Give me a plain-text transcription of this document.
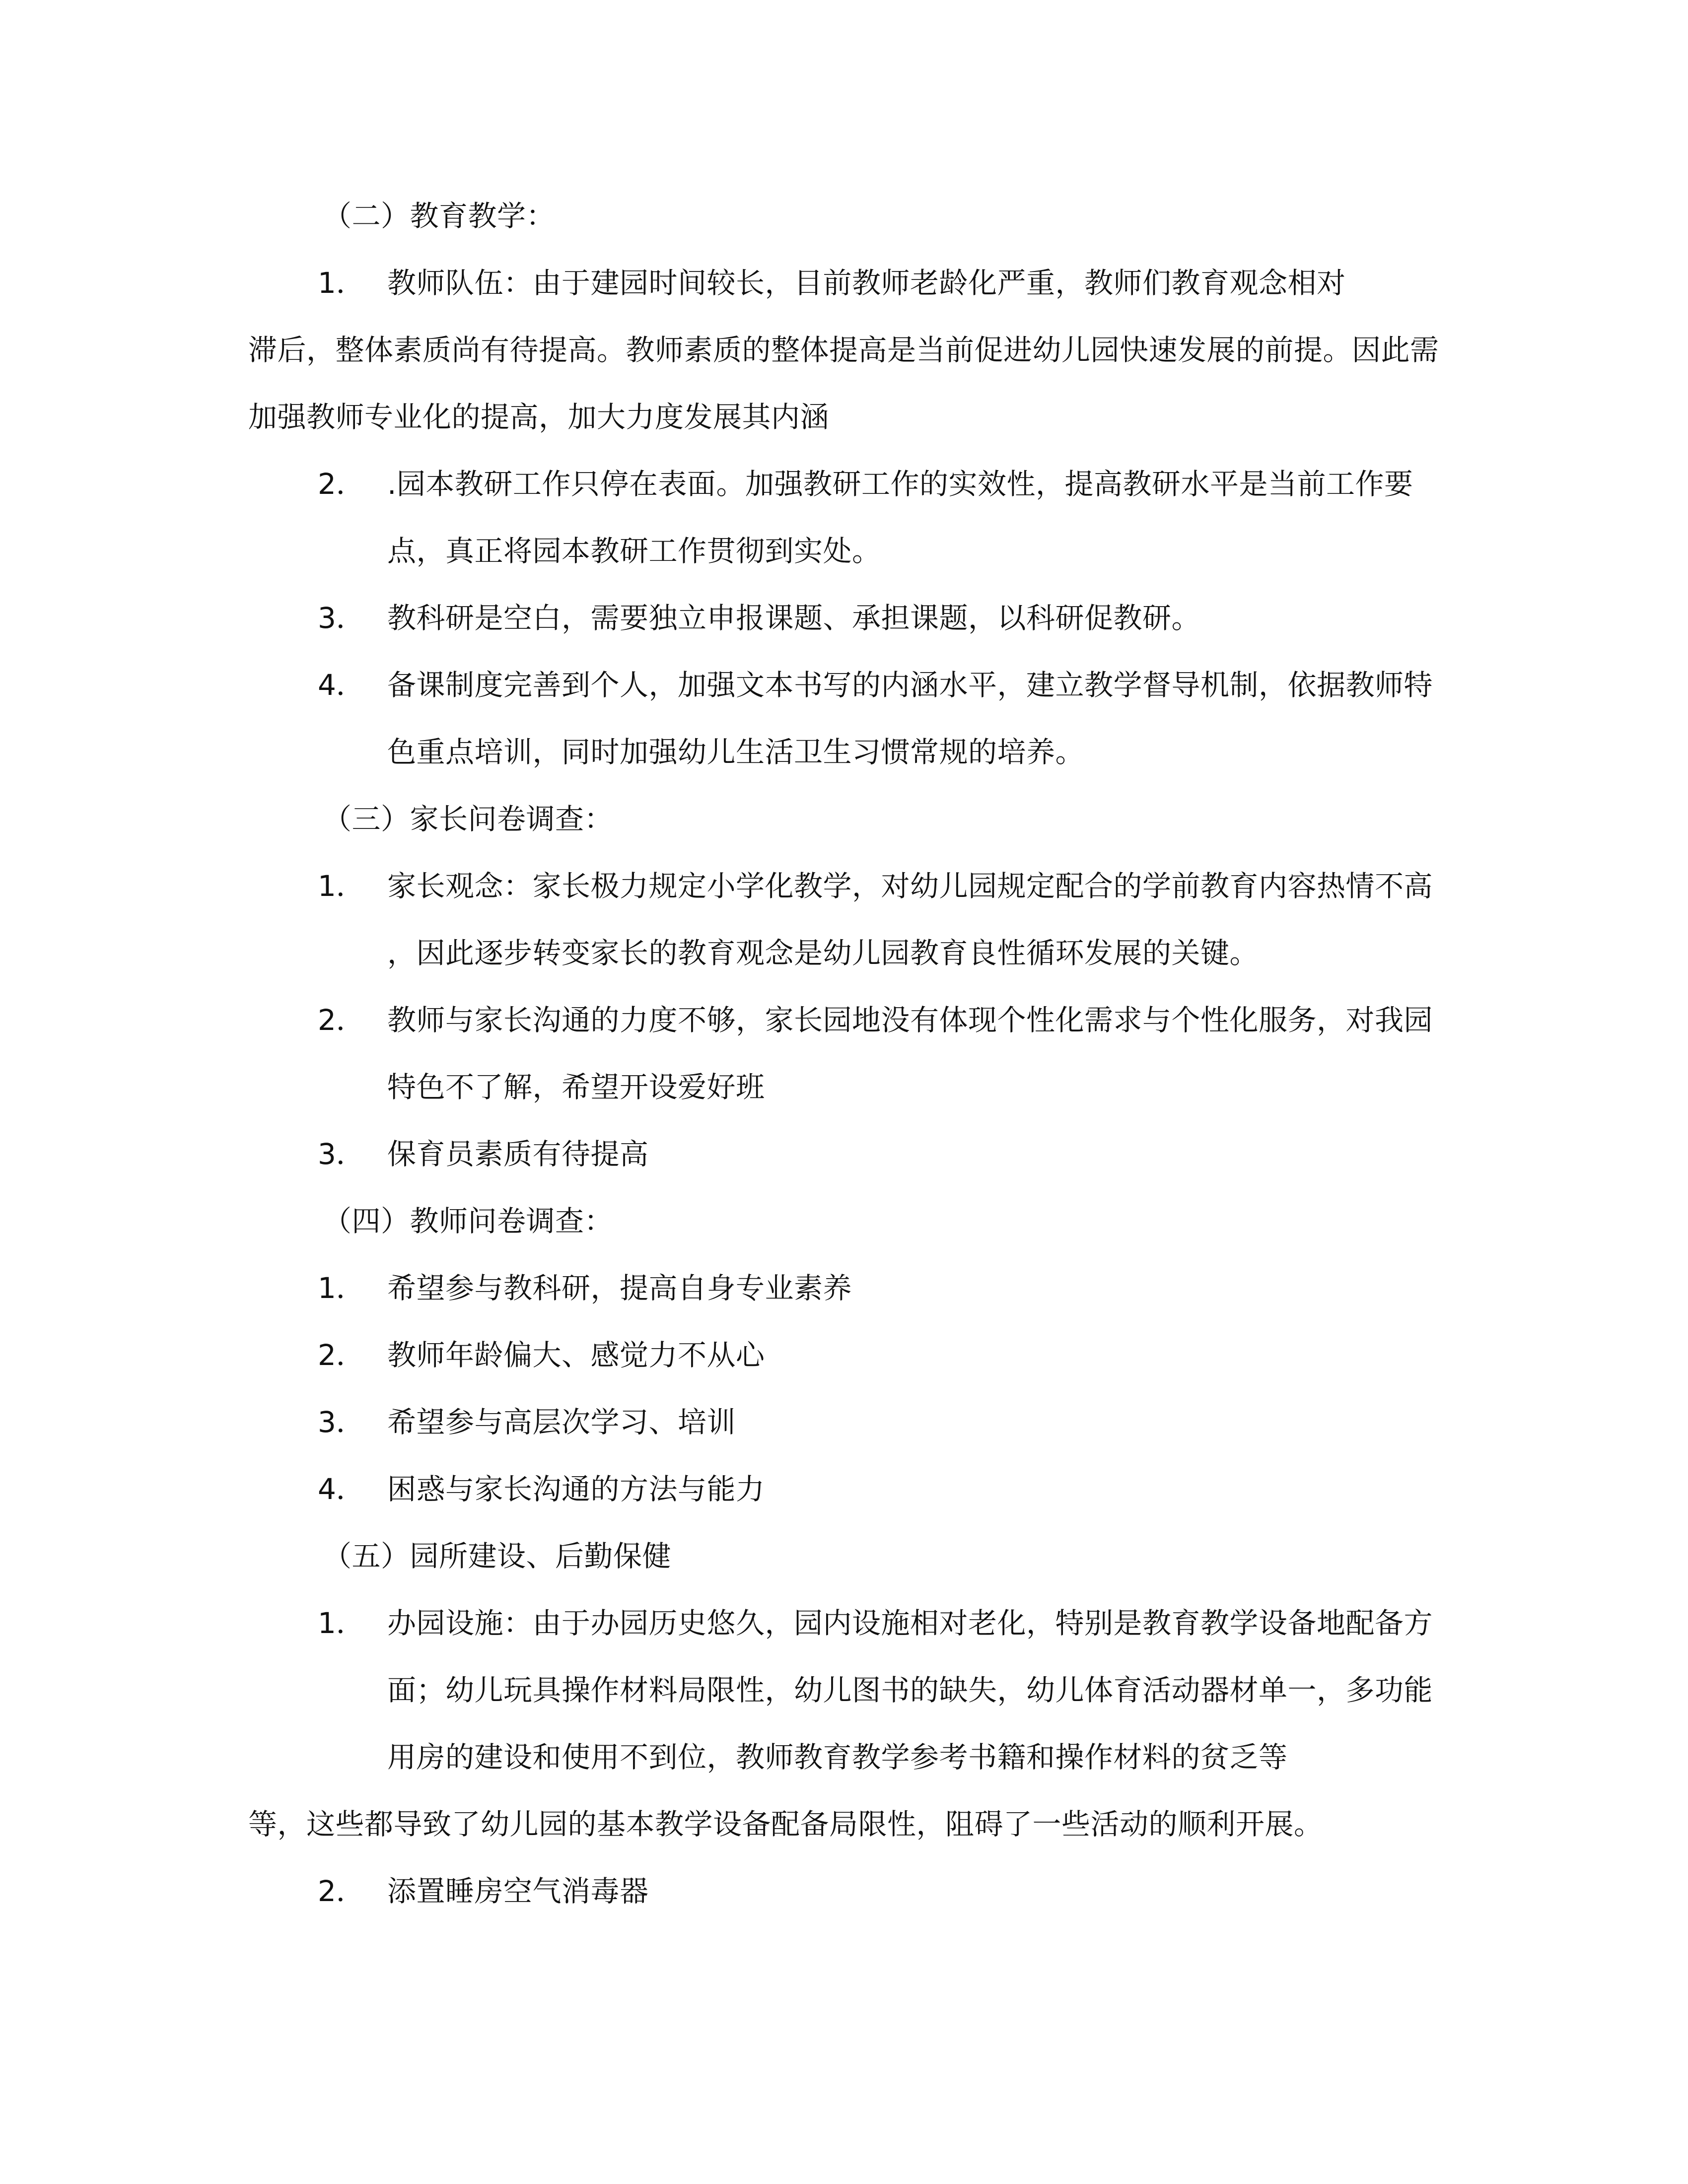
（二）教育教学：
1． 教师队伍：由于建园时间较长，目前教师老龄化严重，教师们教育观念相对
滞后，整体素质尚有待提高。教师素质的整体提高是当前促进幼儿园快速发展的前提。因此需
加强教师专业化的提高，加大力度发展其内涵
2． .园本教研工作只停在表面。加强教研工作的实效性，提高教研水平是当前工作要
点，真正将园本教研工作贯彻到实处。
3． 教科研是空白，需要独立申报课题、承担课题，以科研促教研。
4． 备课制度完善到个人，加强文本书写的内涵水平，建立教学督导机制，依据教师特
色重点培训，同时加强幼儿生活卫生习惯常规的培养。
（三）家长问卷调查：
1． 家长观念：家长极力规定小学化教学，对幼儿园规定配合的学前教育内容热情不高
，因此逐步转变家长的教育观念是幼儿园教育良性循环发展的关键。
2． 教师与家长沟通的力度不够，家长园地没有体现个性化需求与个性化服务，对我园
特色不了解，希望开设爱好班
3． 保育员素质有待提高
（四）教师问卷调查：
1． 希望参与教科研，提高自身专业素养
2． 教师年龄偏大、感觉力不从心
3． 希望参与高层次学习、培训
4． 困惑与家长沟通的方法与能力
（五）园所建设、后勤保健
1． 办园设施：由于办园历史悠久，园内设施相对老化，特别是教育教学设备地配备方
面；幼儿玩具操作材料局限性，幼儿图书的缺失，幼儿体育活动器材单一，多功能
用房的建设和使用不到位，教师教育教学参考书籍和操作材料的贫乏等
等，这些都导致了幼儿园的基本教学设备配备局限性，阻碍了一些活动的顺利开展。
2． 添置睡房空气消毒器
